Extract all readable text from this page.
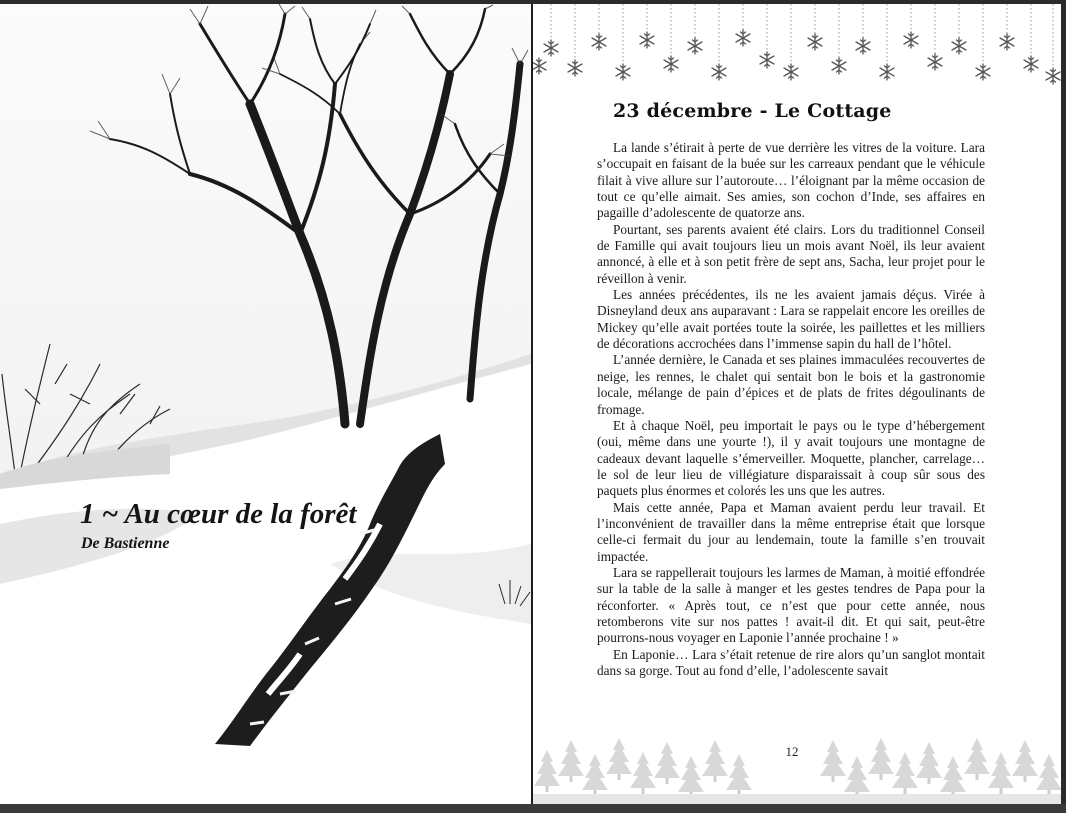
1 ~ Au cœur de la forêt

De Bastienne

23 décembre - Le Cottage

La lande s’étirait à perte de vue derrière les vitres de la voiture. Lara s’occupait en faisant de la buée sur les carreaux pendant que le véhicule filait à vive allure sur l’autoroute… l’éloignant par la même occasion de tout ce qu’elle aimait. Ses amies, son cochon d’Inde, ses affaires en pagaille d’adolescente de quatorze ans.

Pourtant, ses parents avaient été clairs. Lors du traditionnel Conseil de Famille qui avait toujours lieu un mois avant Noël, ils leur avaient annoncé, à elle et à son petit frère de sept ans, Sacha, leur projet pour le réveillon à venir.

Les années précédentes, ils ne les avaient jamais déçus. Virée à Disneyland deux ans auparavant : Lara se rappelait encore les oreilles de Mickey qu’elle avait portées toute la soirée, les paillettes et les milliers de décorations accrochées dans l’immense sapin du hall de l’hôtel.

L’année dernière, le Canada et ses plaines immaculées recouvertes de neige, les rennes, le chalet qui sentait bon le bois et la gastronomie locale, mélange de pain d’épices et de plats de frites dégoulinants de fromage.

Et à chaque Noël, peu importait le pays ou le type d’hébergement (oui, même dans une yourte !), il y avait toujours une montagne de cadeaux devant laquelle s’émerveiller. Moquette, plancher, carrelage… le sol de leur lieu de villégiature disparaissait à coup sûr sous des paquets plus énormes et colorés les uns que les autres.

Mais cette année, Papa et Maman avaient perdu leur travail. Et l’inconvénient de travailler dans la même entreprise était que lorsque celle-ci fermait du jour au lendemain, toute la famille s’en trouvait impactée.

Lara se rappellerait toujours les larmes de Maman, à moitié effondrée sur la table de la salle à manger et les gestes tendres de Papa pour la réconforter. « Après tout, ce n’est que pour cette année, nous retomberons vite sur nos pattes ! avait-il dit. Et qui sait, peut-être pourrons-nous voyager en Laponie l’année prochaine ! »

En Laponie… Lara s’était retenue de rire alors qu’un sanglot montait dans sa gorge. Tout au fond d’elle, l’adolescente savait

12
